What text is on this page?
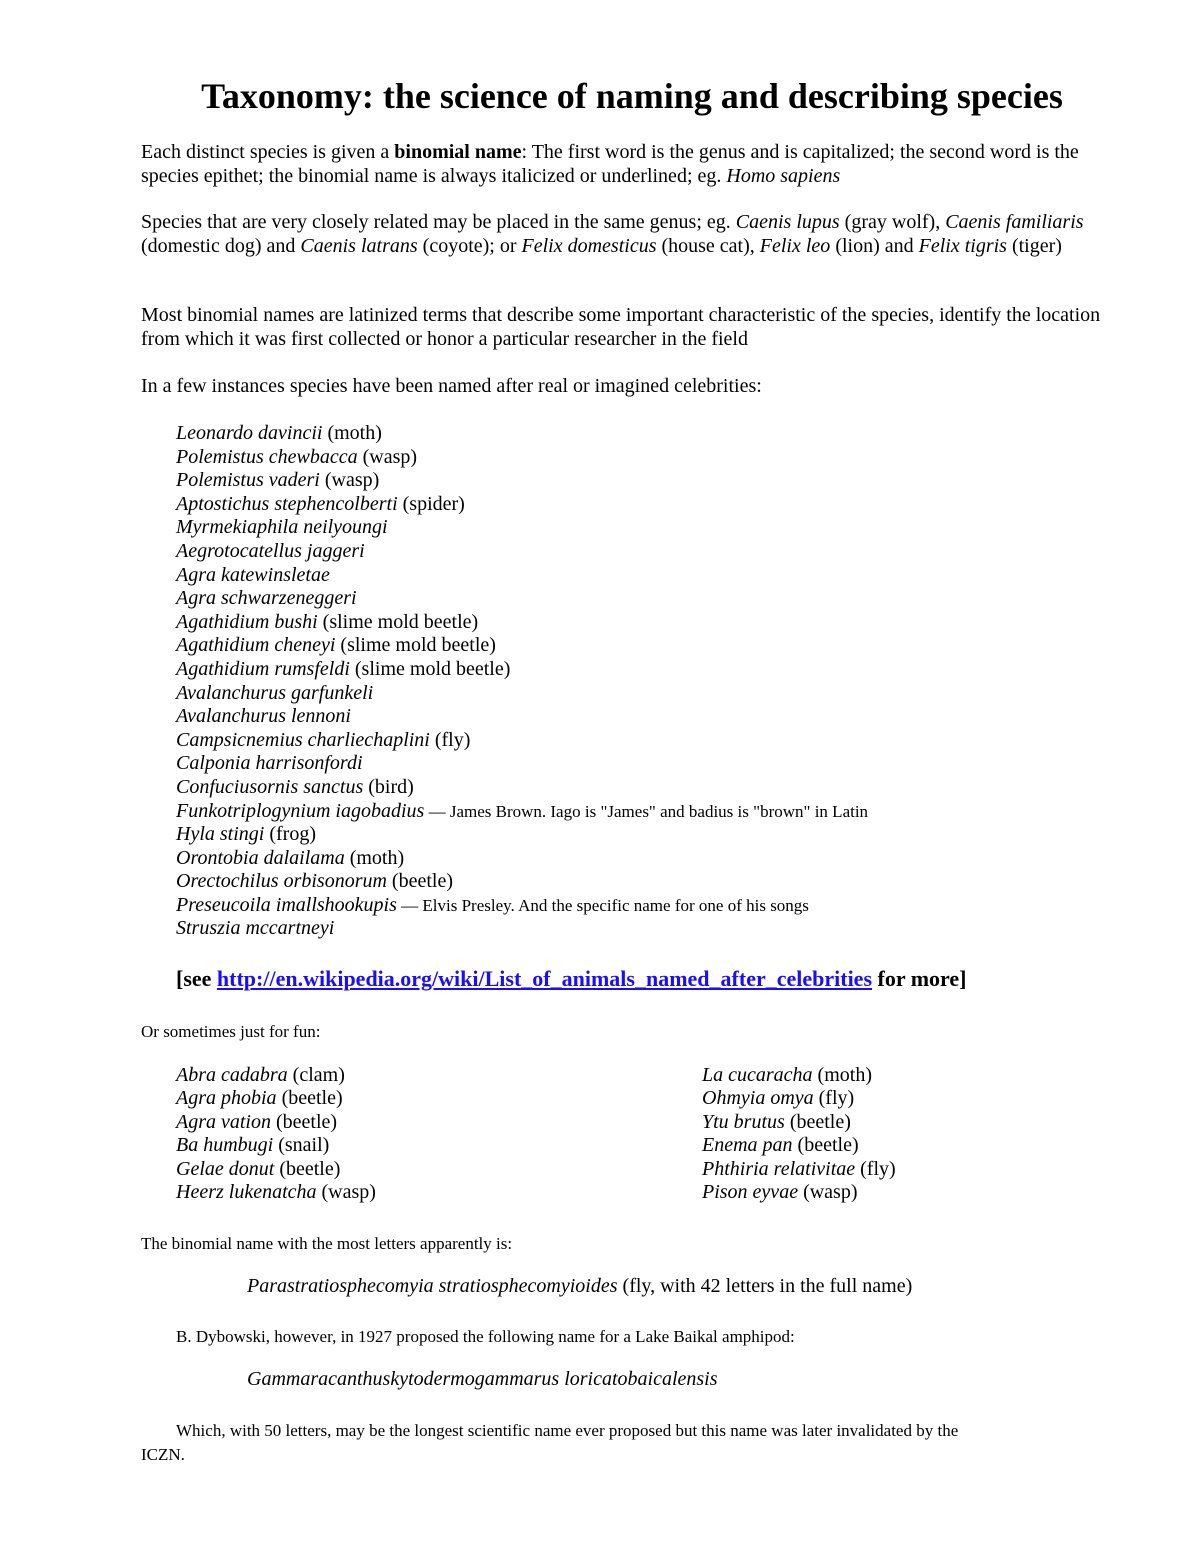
Taxonomy: the science of naming and describing species
Each distinct species is given a binomial name: The first word is the genus and is capitalized; the second word is the species epithet; the binomial name is always italicized or underlined; eg. Homo sapiens
Species that are very closely related may be placed in the same genus; eg. Caenis lupus (gray wolf), Caenis familiaris (domestic dog) and Caenis latrans (coyote); or Felix domesticus (house cat), Felix leo (lion) and Felix tigris (tiger)
Most binomial names are latinized terms that describe some important characteristic of the species, identify the location from which it was first collected or honor a particular researcher in the field
In a few instances species have been named after real or imagined celebrities:
Leonardo davincii (moth)
Polemistus chewbacca (wasp)
Polemistus vaderi (wasp)
Aptostichus stephencolberti (spider)
Myrmekiaphila neilyoungi
Aegrotocatellus jaggeri
Agra katewinsletae
Agra schwarzeneggeri
Agathidium bushi (slime mold beetle)
Agathidium cheneyi (slime mold beetle)
Agathidium rumsfeldi (slime mold beetle)
Avalanchurus garfunkeli
Avalanchurus lennoni
Campsicnemius charliechaplini (fly)
Calponia harrisonfordi
Confuciusornis sanctus (bird)
Funkotriplogynium iagobadius — James Brown. Iago is "James" and badius is "brown" in Latin
Hyla stingi (frog)
Orontobia dalailama (moth)
Orectochilus orbisonorum (beetle)
Preseucoila imallshookupis — Elvis Presley. And the specific name for one of his songs
Struszia mccartneyi
[see http://en.wikipedia.org/wiki/List_of_animals_named_after_celebrities for more]
Or sometimes just for fun:
Abra cadabra (clam)
Agra phobia (beetle)
Agra vation (beetle)
Ba humbugi (snail)
Gelae donut (beetle)
Heerz lukenatcha (wasp)
La cucaracha (moth)
Ohmyia omya (fly)
Ytu brutus (beetle)
Enema pan (beetle)
Phthiria relativitae (fly)
Pison eyvae (wasp)
The binomial name with the most letters apparently is:
Parastratiosphecomyia stratiosphecomyioides (fly, with 42 letters in the full name)
B. Dybowski, however, in 1927 proposed the following name for a Lake Baikal amphipod:
Gammaracanthuskytodermogammarus loricatobaicalensis
Which, with 50 letters, may be the longest scientific name ever proposed but this name was later invalidated by the
ICZN.
